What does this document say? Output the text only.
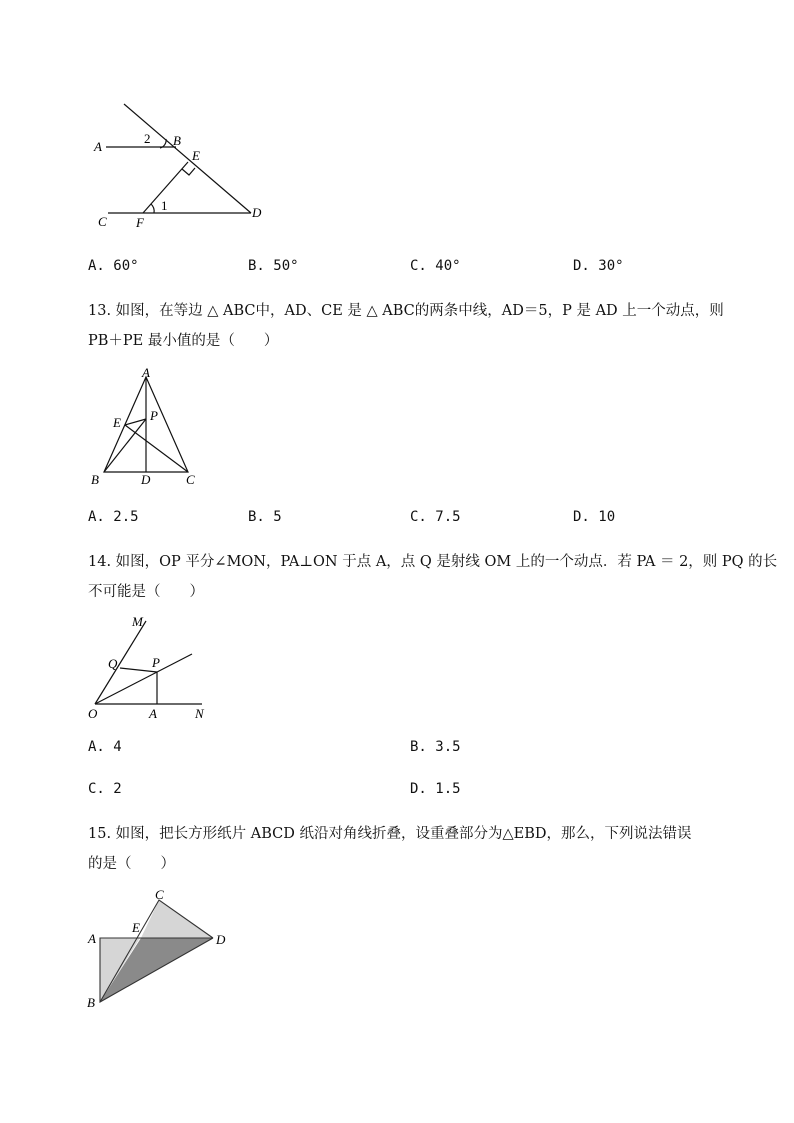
A	B
E
C F
D
1
2
A. 60°	B. 50°	C. 40°	D. 30°
13. 如图，在等边 △ ABC中，AD、CE 是 △ ABC的两条中线，AD＝5，P 是 AD 上一个动点，则
PB＋PE 最小值的是（　　）
A
E P
B	D	C
A. 2.5	B. 5	C. 7.5	D. 10
14. 如图，OP 平分∠MON，PA⊥ON 于点 A，点 Q 是射线 OM 上的一个动点．若 PA ＝ 2，则 PQ 的长
不可能是（　　）
M
Q	P
O	A	N
A. 4	B. 3.5
C. 2	D. 1.5
15. 如图，把长方形纸片 ABCD 纸沿对角线折叠，设重叠部分为△EBD，那么，下列说法错误
的是（　　）
A
E
C
D
B
